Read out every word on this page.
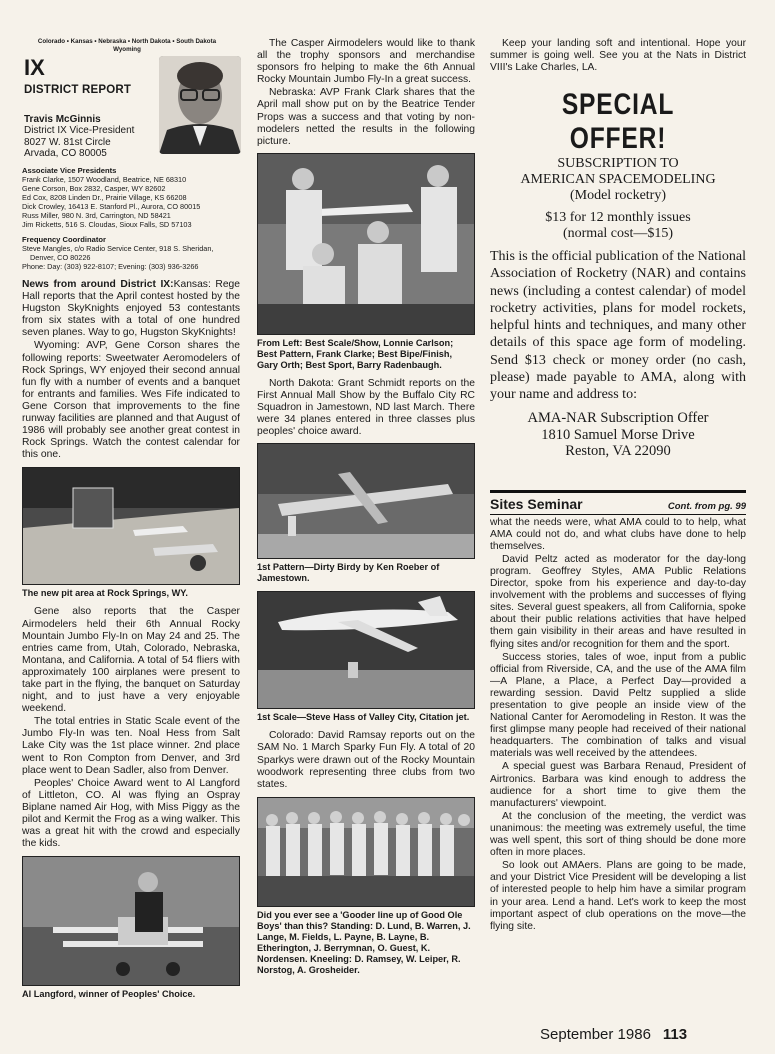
Colorado • Kansas • Nebraska • North Dakota • South Dakota
Wyoming
IX
DISTRICT REPORT
Travis McGinnis
District IX Vice-President
8027 W. 81st Circle
Arvada, CO 80005
Associate Vice Presidents
Frank Clarke, 1507 Woodland, Beatrice, NE 68310
Gene Corson, Box 2832, Casper, WY 82602
Ed Cox, 8208 Linden Dr., Prairie Village, KS 66208
Dick Crowley, 16413 E. Stanford Pl., Aurora, CO 80015
Russ Miller, 980 N. 3rd, Carrington, ND 58421
Jim Ricketts, 516 S. Cloudas, Sioux Falls, SD 57103
Frequency Coordinator
Steve Mangles, c/o Radio Service Center, 918 S. Sheridan,
Denver, CO 80226
Phone: Day: (303) 922-8107; Evening: (303) 936-3266
News from around District IX:Kansas: Rege Hall reports that the April contest hosted by the Hugston SkyKnights enjoyed 53 contestants from six states with a total of one hundred seven planes. Way to go, Hugston SkyKnights!
Wyoming: AVP, Gene Corson shares the following reports: Sweetwater Aeromodelers of Rock Springs, WY enjoyed their second annual fun fly with a number of events and a banquet for entrants and families. Wes Fife indicated to Gene Corson that improvements to the fine runway facilities are planned and that August of 1986 will probably see another great contest in Rock Springs. Watch the contest calendar for this one.
The new pit area at Rock Springs, WY.
Gene also reports that the Casper Airmodelers held their 6th Annual Rocky Mountain Jumbo Fly-In on May 24 and 25. The entries came from, Utah, Colorado, Nebraska, Montana, and California. A total of 54 fliers with approximately 100 airplanes were present to take part in the flying, the banquet on Saturday night, and to just have a very enjoyable weekend.
The total entries in Static Scale event of the Jumbo Fly-In was ten. Noal Hess from Salt Lake City was the 1st place winner. 2nd place went to Ron Compton from Denver, and 3rd place went to Dean Sadler, also from Denver.
Peoples' Choice Award went to Al Langford of Littleton, CO. Al was flying an Ospray Biplane named Air Hog, with Miss Piggy as the pilot and Kermit the Frog as a wing walker. This was a great hit with the crowd and especially the kids.
Al Langford, winner of Peoples' Choice.
The Casper Airmodelers would like to thank all the trophy sponsors and merchandise sponsors fro helping to make the 6th Annual Rocky Mountain Jumbo Fly-In a great success.
Nebraska: AVP Frank Clark shares that the April mall show put on by the Beatrice Tender Props was a success and that voting by non-modelers netted the results in the following picture.
From Left: Best Scale/Show, Lonnie Carlson; Best Pattern, Frank Clarke; Best Bipe/Finish, Gary Orth; Best Sport, Barry Radenbaugh.
North Dakota: Grant Schmidt reports on the First Annual Mall Show by the Buffalo City RC Squadron in Jamestown, ND last March. There were 34 planes entered in three classes plus peoples' choice award.
1st Pattern—Dirty Birdy by Ken Roeber of Jamestown.
1st Scale—Steve Hass of Valley City, Citation jet.
Colorado: David Ramsay reports out on the SAM No. 1 March Sparky Fun Fly. A total of 20 Sparkys were drawn out of the Rocky Mountain woodwork representing three clubs from two states.
Did you ever see a 'Gooder line up of Good Ole Boys' than this? Standing: D. Lund, B. Warren, J. Lange, M. Fields, L. Payne, B. Layne, B. Etherington, J. Berrymnan, O. Guest, K. Nordensen. Kneeling: D. Ramsey, W. Leiper, R. Norstog, A. Grosheider.
Keep your landing soft and intentional. Hope your summer is going well. See you at the Nats in District VIII's Lake Charles, LA.
SPECIAL OFFER!
SUBSCRIPTION TO
AMERICAN SPACEMODELING
(Model rocketry)
$13 for 12 monthly issues
(normal cost—$15)
This is the official publication of the National Association of Rocketry (NAR) and contains news (including a contest calendar) of model rocketry activities, plans for model rockets, helpful hints and techniques, and many other details of this space age form of modeling. Send $13 check or money order (no cash, please) made payable to AMA, along with your name and address to:
AMA-NAR Subscription Offer
1810 Samuel Morse Drive
Reston, VA 22090
Sites Seminar	Cont. from pg. 99
what the needs were, what AMA could to to help, what AMA could not do, and what clubs have done to help themselves.
David Peltz acted as moderator for the day-long program. Geoffrey Styles, AMA Public Relations Director, spoke from his experience and day-to-day involvement with the problems and successes of flying sites. Several guest speakers, all from California, spoke about their public relations activities that have helped them gain visibility in their areas and have resulted in flying sites and/or recognition for them and the sport.
Success stories, tales of woe, input from a public official from Riverside, CA, and the use of the AMA film—A Plane, a Place, a Perfect Day—provided a rewarding session. David Peltz supplied a slide presentation to give people an inside view of the National Canter for Aeromodeling in Reston. It was the first glimpse many people had received of their national headquarters. The combination of talks and visual materials was well received by the attendees.
A special guest was Barbara Renaud, President of Airtronics. Barbara was kind enough to address the audience for a short time to give them the manufacturers' viewpoint.
At the conclusion of the meeting, the verdict was unanimous: the meeting was extremely useful, the time was well spent, this sort of thing should be done more often in more places.
So look out AMAers. Plans are going to be made, and your District Vice President will be developing a list of interested people to help him have a similar program in your area. Lend a hand. Let's work to keep the most important aspect of club operations on the move—the flying site.
September 1986 113
